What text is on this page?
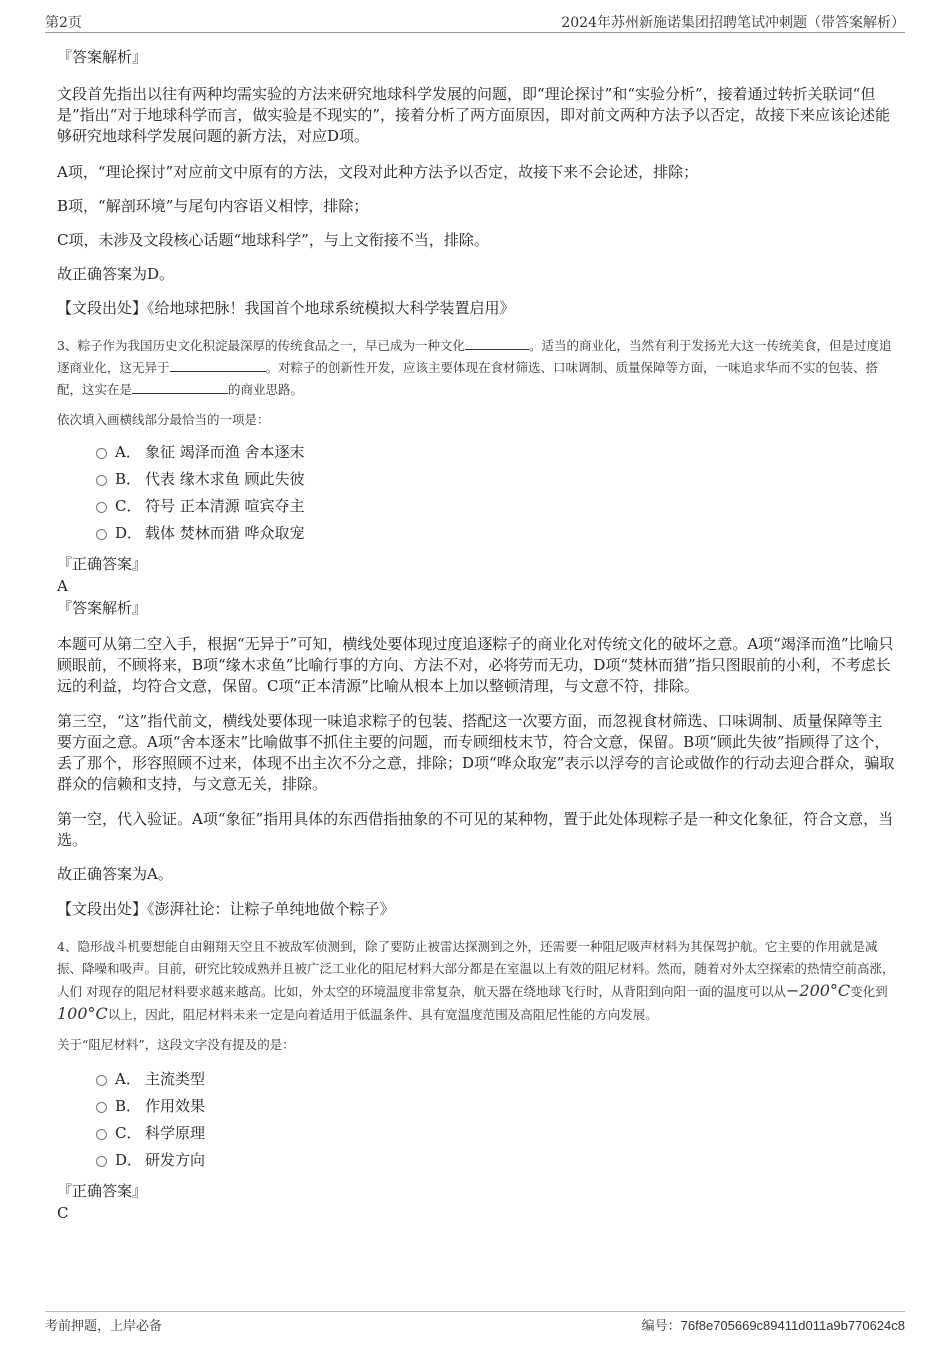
第2页	2024年苏州新施诺集团招聘笔试冲刺题（带答案解析）

『答案解析』

文段首先指出以往有两种均需实验的方法来研究地球科学发展的问题，即“理论探讨”和“实验分析”，接着通过转折关联词“但是”指出“对于地球科学而言，做实验是不现实的”，接着分析了两方面原因，即对前文两种方法予以否定，故接下来应该论述能够研究地球科学发展问题的新方法，对应D项。

A项，“理论探讨”对应前文中原有的方法，文段对此种方法予以否定，故接下来不会论述，排除；

B项，“解剖环境”与尾句内容语义相悖，排除；

C项，未涉及文段核心话题“地球科学”，与上文衔接不当，排除。

故正确答案为D。

【文段出处】《给地球把脉！我国首个地球系统模拟大科学装置启用》

3、粽子作为我国历史文化积淀最深厚的传统食品之一，早已成为一种文化	。适当的商业化，当然有利于发扬光大这一传统美食，但是过度追逐商业化，这无异于	。对粽子的创新性开发，应该主要体现在食材筛选、口味调制、质量保障等方面，一味追求华而不实的包装、搭配，这实在是	的商业思路。

依次填入画横线部分最恰当的一项是：

A． 象征 竭泽而渔 舍本逐末
B． 代表 缘木求鱼 顾此失彼
C． 符号 正本清源 喧宾夺主
D． 载体 焚林而猎 哗众取宠

『正确答案』

A

『答案解析』

本题可从第二空入手，根据“无异于”可知，横线处要体现过度追逐粽子的商业化对传统文化的破坏之意。A项“竭泽而渔”比喻只顾眼前，不顾将来，B项“缘木求鱼”比喻行事的方向、方法不对，必将劳而无功，D项“焚林而猎”指只图眼前的小利，不考虑长远的利益，均符合文意，保留。C项“正本清源”比喻从根本上加以整顿清理，与文意不符，排除。

第三空，“这”指代前文，横线处要体现一味追求粽子的包装、搭配这一次要方面，而忽视食材筛选、口味调制、质量保障等主要方面之意。A项“舍本逐末”比喻做事不抓住主要的问题，而专顾细枝末节，符合文意，保留。B项“顾此失彼”指顾得了这个，丢了那个，形容照顾不过来，体现不出主次不分之意，排除；D项“哗众取宠”表示以浮夸的言论或做作的行动去迎合群众，骗取群众的信赖和支持，与文意无关，排除。

第一空，代入验证。A项“象征”指用具体的东西借指抽象的不可见的某种物，置于此处体现粽子是一种文化象征，符合文意，当选。

故正确答案为A。

【文段出处】《澎湃社论：让粽子单纯地做个粽子》

4、隐形战斗机要想能自由翱翔天空且不被敌军侦测到，除了要防止被雷达探测到之外，还需要一种阻尼吸声材料为其保驾护航。它主要的作用就是减振、降噪和吸声。目前，研究比较成熟并且被广泛工业化的阻尼材料大部分都是在室温以上有效的阻尼材料。然而，随着对外太空探索的热情空前高涨， 人们 对现存的阻尼材料要求越来越高。比如，外太空的环境温度非常复杂，航天器在绕地球飞行时，从背阳到向阳一面的温度可以从−200°C变化到100°C以上，因此，阻尼材料未来一定是向着适用于低温条件、具有宽温度范围及高阻尼性能的方向发展。

关于“阻尼材料”，这段文字没有提及的是：

A． 主流类型
B． 作用效果
C． 科学原理
D． 研发方向

『正确答案』

C

考前押题，上岸必备	编号：76f8e705669c89411d011a9b770624c8
